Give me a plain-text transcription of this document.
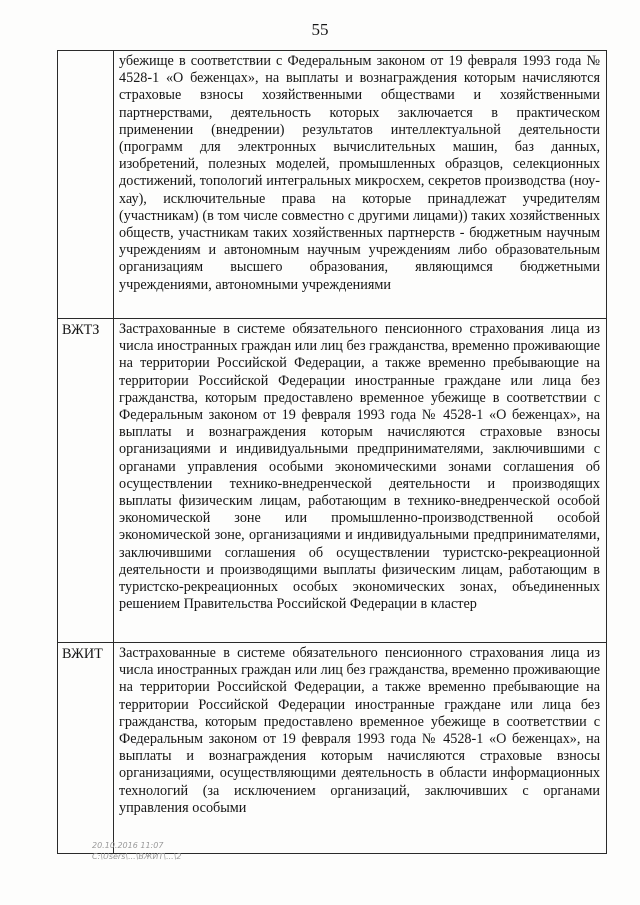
55

	убежище в соответствии с Федеральным законом от 19 февраля 1993 года № 4528-1 «О беженцах», на выплаты и вознаграждения которым начисляются страховые взносы хозяйственными обществами и хозяйственными партнерствами, деятельность которых заключается в практическом применении (внедрении) результатов интеллектуальной деятельности (программ для электронных вычислительных машин, баз данных, изобретений, полезных моделей, промышленных образцов, селекционных достижений, топологий интегральных микросхем, секретов производства (ноу-хау), исключительные права на которые принадлежат учредителям (участникам) (в том числе совместно с другими лицами)) таких хозяйственных обществ, участникам таких хозяйственных партнерств - бюджетным научным учреждениям и автономным научным учреждениям либо образовательным организациям высшего образования, являющимся бюджетными учреждениями, автономными учреждениями

ВЖТЗ	Застрахованные в системе обязательного пенсионного страхования лица из числа иностранных граждан или лиц без гражданства, временно проживающие на территории Российской Федерации, а также временно пребывающие на территории Российской Федерации иностранные граждане или лица без гражданства, которым предоставлено временное убежище в соответствии с Федеральным законом от 19 февраля 1993 года № 4528-1 «О беженцах», на выплаты и вознаграждения которым начисляются страховые взносы организациями и индивидуальными предпринимателями, заключившими с органами управления особыми экономическими зонами соглашения об осуществлении технико-внедренческой деятельности и производящих выплаты физическим лицам, работающим в технико-внедренческой особой экономической зоне или промышленно-производственной особой экономической зоне, организациями и индивидуальными предпринимателями, заключившими соглашения об осуществлении туристско-рекреационной деятельности и производящими выплаты физическим лицам, работающим в туристско-рекреационных особых экономических зонах, объединенных решением Правительства Российской Федерации в кластер

ВЖИТ	Застрахованные в системе обязательного пенсионного страхования лица из числа иностранных граждан или лиц без гражданства, временно проживающие на территории Российской Федерации, а также временно пребывающие на территории Российской Федерации иностранные граждане или лица без гражданства, которым предоставлено временное убежище в соответствии с Федеральным законом от 19 февраля 1993 года № 4528-1 «О беженцах», на выплаты и вознаграждения которым начисляются страховые взносы организациями, осуществляющими деятельность в области информационных технологий (за исключением организаций, заключивших с органами управления особыми

20.10.2016 11:07
С:\Users\...\ВЖИТ\...\2
